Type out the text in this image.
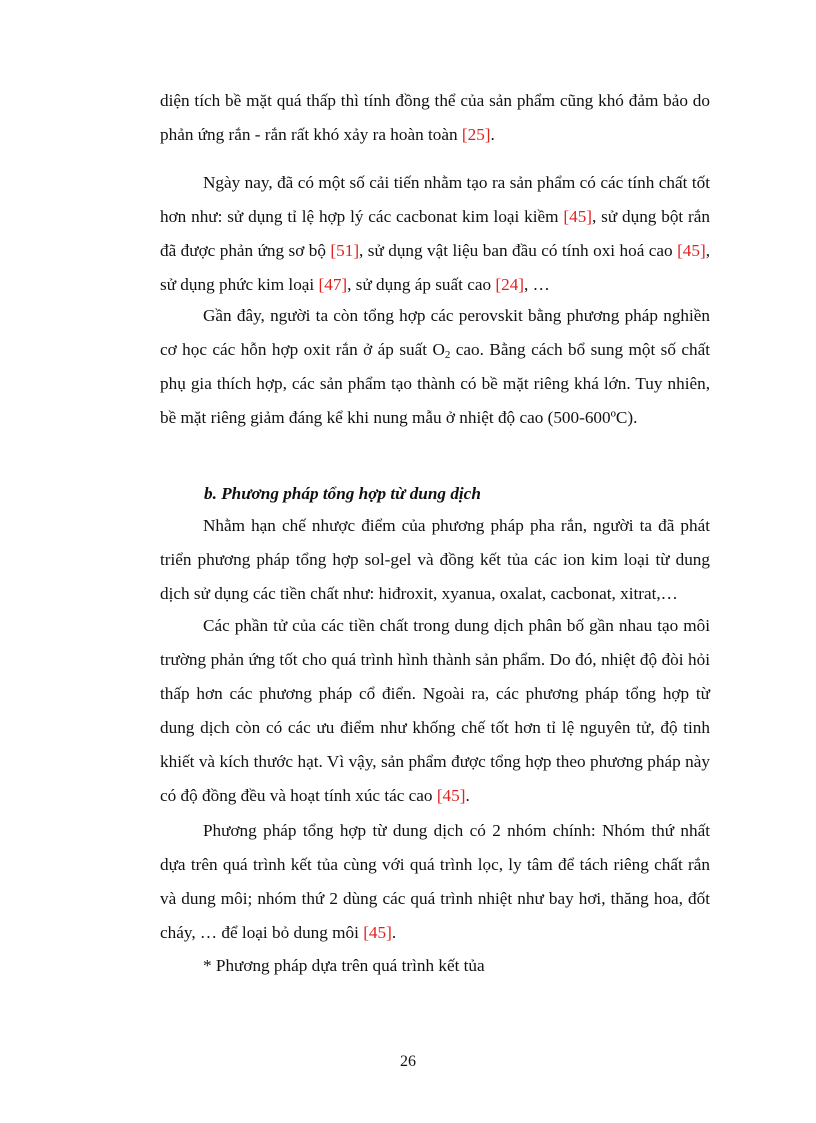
diện tích bề mặt quá thấp thì tính đồng thể của sản phẩm cũng khó đảm bảo do phản ứng rắn - rắn rất khó xảy ra hoàn toàn [25].

Ngày nay, đã có một số cải tiến nhằm tạo ra sản phẩm có các tính chất tốt hơn như: sử dụng tỉ lệ hợp lý các cacbonat kim loại kiềm [45], sử dụng bột rắn đã được phản ứng sơ bộ [51], sử dụng vật liệu ban đầu có tính oxi hoá cao [45], sử dụng phức kim loại [47], sử dụng áp suất cao [24], …

Gần đây, người ta còn tổng hợp các perovskit bằng phương pháp nghiền cơ học các hỗn hợp oxit rắn ở áp suất $O_2$ cao. Bằng cách bổ sung một số chất phụ gia thích hợp, các sản phẩm tạo thành có bề mặt riêng khá lớn. Tuy nhiên, bề mặt riêng giảm đáng kể khi nung mẫu ở nhiệt độ cao (500-600ºC).

b. Phương pháp tổng hợp từ dung dịch

Nhằm hạn chế nhược điểm của phương pháp pha rắn, người ta đã phát triển phương pháp tổng hợp sol-gel và đồng kết tủa các ion kim loại từ dung dịch sử dụng các tiền chất như: hiđroxit, xyanua, oxalat, cacbonat, xitrat,…

Các phần tử của các tiền chất trong dung dịch phân bố gần nhau tạo môi trường phản ứng tốt cho quá trình hình thành sản phẩm. Do đó, nhiệt độ đòi hỏi thấp hơn các phương pháp cổ điển. Ngoài ra, các phương pháp tổng hợp từ dung dịch còn có các ưu điểm như khống chế tốt hơn tỉ lệ nguyên tử, độ tinh khiết và kích thước hạt. Vì vậy, sản phẩm được tổng hợp theo phương pháp này có độ đồng đều và hoạt tính xúc tác cao [45].

Phương pháp tổng hợp từ dung dịch có 2 nhóm chính: Nhóm thứ nhất dựa trên quá trình kết tủa cùng với quá trình lọc, ly tâm để tách riêng chất rắn và dung môi; nhóm thứ 2 dùng các quá trình nhiệt như bay hơi, thăng hoa, đốt cháy, … để loại bỏ dung môi [45].

* Phương pháp dựa trên quá trình kết tủa

26
